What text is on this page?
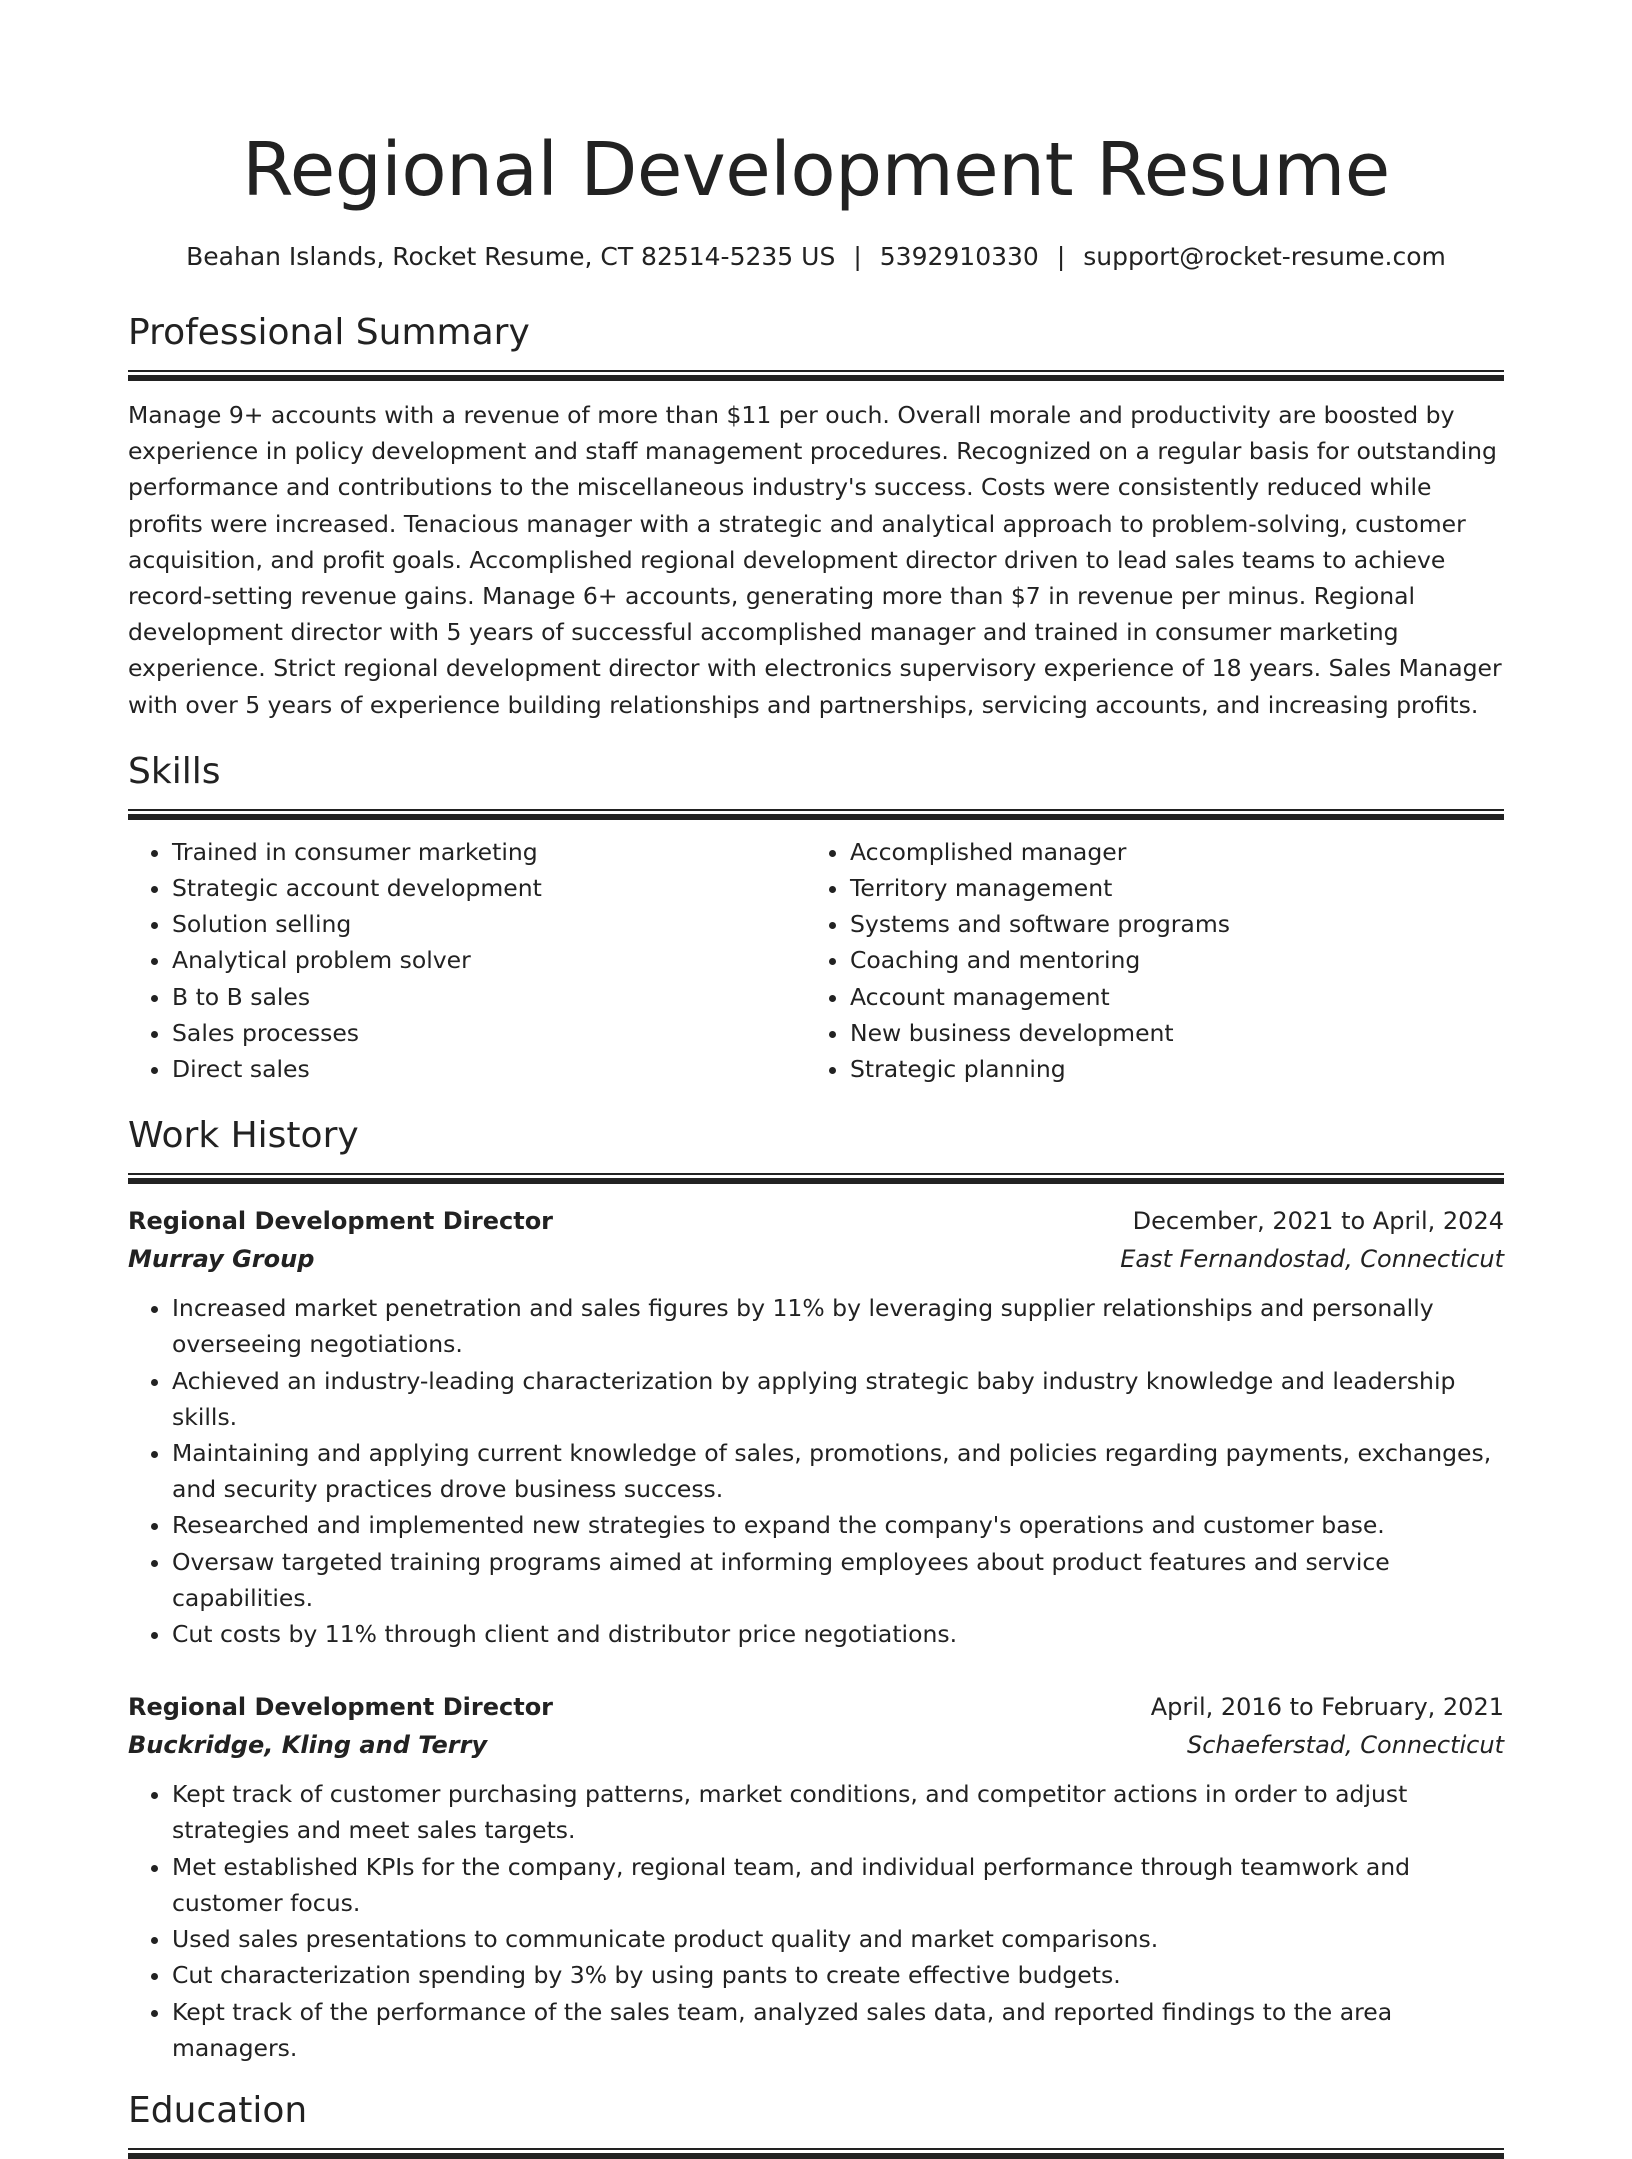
Regional Development Resume
Beahan Islands, Rocket Resume, CT 82514-5235 US | 5392910330 | support@rocket-resume.com
Professional Summary

Manage 9+ accounts with a revenue of more than $11 per ouch. Overall morale and productivity are boosted by experience in policy development and staff management procedures. Recognized on a regular basis for outstanding performance and contributions to the miscellaneous industry's success. Costs were consistently reduced while profits were increased. Tenacious manager with a strategic and analytical approach to problem-solving, customer acquisition, and profit goals. Accomplished regional development director driven to lead sales teams to achieve record-setting revenue gains. Manage 6+ accounts, generating more than $7 in revenue per minus. Regional development director with 5 years of successful accomplished manager and trained in consumer marketing experience. Strict regional development director with electronics supervisory experience of 18 years. Sales Manager with over 5 years of experience building relationships and partnerships, servicing accounts, and increasing profits.

Skills
• Trained in consumer marketing
• Strategic account development
• Solution selling
• Analytical problem solver
• B to B sales
• Sales processes
• Direct sales
• Accomplished manager
• Territory management
• Systems and software programs
• Coaching and mentoring
• Account management
• New business development
• Strategic planning
Work History
Regional Development Director	December, 2021 to April, 2024
Murray Group	East Fernandostad, Connecticut
• Increased market penetration and sales figures by 11% by leveraging supplier relationships and personally overseeing negotiations.
• Achieved an industry-leading characterization by applying strategic baby industry knowledge and leadership skills.
• Maintaining and applying current knowledge of sales, promotions, and policies regarding payments, exchanges, and security practices drove business success.
• Researched and implemented new strategies to expand the company's operations and customer base.
• Oversaw targeted training programs aimed at informing employees about product features and service capabilities.
• Cut costs by 11% through client and distributor price negotiations.
Regional Development Director	April, 2016 to February, 2021
Buckridge, Kling and Terry	Schaeferstad, Connecticut
• Kept track of customer purchasing patterns, market conditions, and competitor actions in order to adjust strategies and meet sales targets.
• Met established KPIs for the company, regional team, and individual performance through teamwork and customer focus.
• Used sales presentations to communicate product quality and market comparisons.
• Cut characterization spending by 3% by using pants to create effective budgets.
• Kept track of the performance of the sales team, analyzed sales data, and reported findings to the area managers.
Education
